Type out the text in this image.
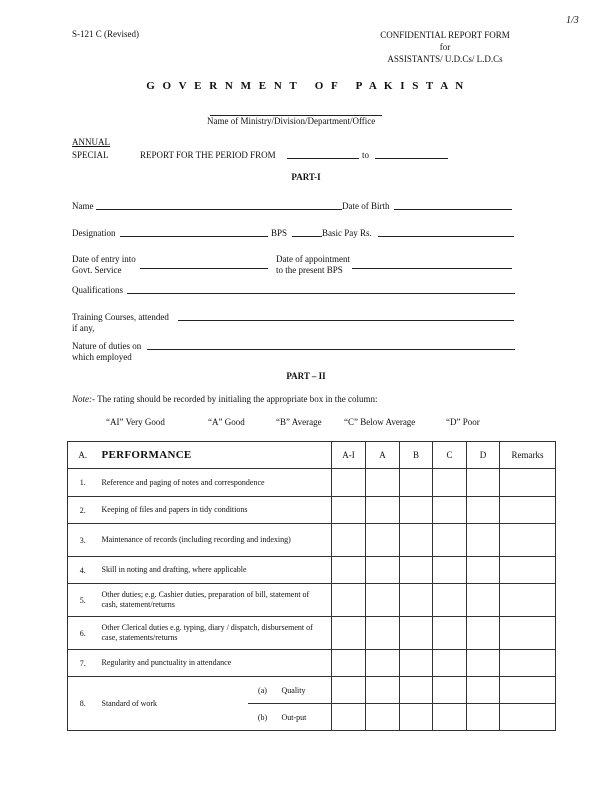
1/3
S-121 C (Revised)	CONFIDENTIAL REPORT FORM
for
ASSISTANTS/ U.D.Cs/ L.D.Cs
G O V E R N M E N T   O F   P A K I S T A N
Name of Ministry/Division/Department/Office
ANNUAL
SPECIAL	REPORT FOR THE PERIOD FROM	to
PART-I
Name	Date of Birth
Designation	BPS	Basic Pay Rs.
Date of entry into
Govt. Service
Date of appointment
to the present BPS
Qualifications
Training Courses, attended
if any,
Nature of duties on
which employed
PART – II
Note:- The rating should be recorded by initialing the appropriate box in the column:
“AI” Very Good	“A” Good	“B” Average “C” Below Average	“D” Poor
A.	PERFORMANCE			A-I	A	B	C	D	Remarks
1.	Reference and paging of notes and correspondence								
2.	Keeping of files and papers in tidy conditions								
3.	Maintenance of records (including recording and indexing)								
4.	Skill in noting and drafting, where applicable								
5.	Other duties; e.g. Cashier duties, preparation of bill, statement of cash, statement/returns								
6.	Other Clerical duties e.g. typing, diary / dispatch, disbursement of case, statements/returns								
7.	Regularity and punctuality in attendance								
8.	Standard of work	(a)	Quality						
		(b)	Out-put						
